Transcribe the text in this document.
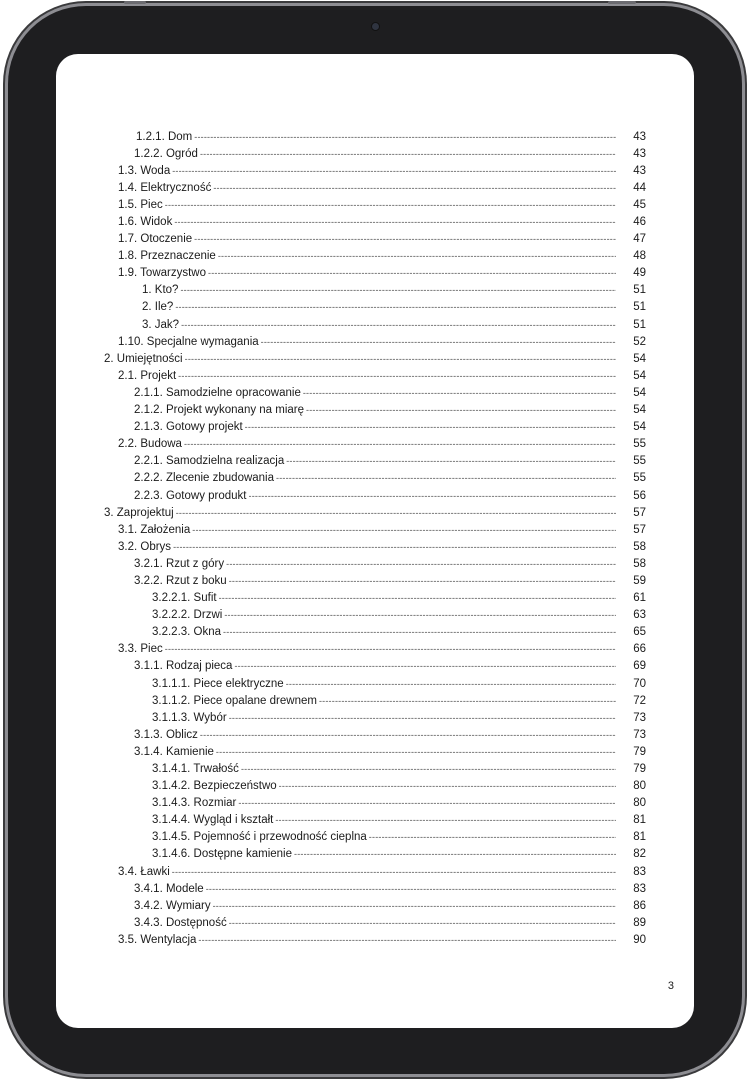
1.2.1. Dom -----	43
1.2.2. Ogród -----	43
1.3. Woda -----	43
1.4. Elektryczność -----	44
1.5. Piec -----	45
1.6. Widok -----	46
1.7. Otoczenie -----	47
1.8. Przeznaczenie -----	48
1.9. Towarzystwo -----	49
1. Kto? -----	51
2. Ile? -----	51
3. Jak? -----	51
1.10. Specjalne wymagania -----	52
2. Umiejętności -----	54
2.1. Projekt -----	54
2.1.1. Samodzielne opracowanie -----	54
2.1.2. Projekt wykonany na miarę -----	54
2.1.3. Gotowy projekt -----	54
2.2. Budowa -----	55
2.2.1. Samodzielna realizacja -----	55
2.2.2. Zlecenie zbudowania -----	55
2.2.3. Gotowy produkt -----	56
3. Zaprojektuj -----	57
3.1. Założenia -----	57
3.2. Obrys -----	58
3.2.1. Rzut z góry -----	58
3.2.2. Rzut z boku -----	59
3.2.2.1. Sufit -----	61
3.2.2.2. Drzwi -----	63
3.2.2.3. Okna -----	65
3.3. Piec -----	66
3.1.1. Rodzaj pieca -----	69
3.1.1.1. Piece elektryczne -----	70
3.1.1.2. Piece opalane drewnem -----	72
3.1.1.3. Wybór -----	73
3.1.3. Oblicz -----	73
3.1.4. Kamienie -----	79
3.1.4.1. Trwałość -----	79
3.1.4.2. Bezpieczeństwo -----	80
3.1.4.3. Rozmiar -----	80
3.1.4.4. Wygląd i kształt -----	81
3.1.4.5. Pojemność i przewodność cieplna -----	81
3.1.4.6. Dostępne kamienie -----	82
3.4. Ławki -----	83
3.4.1. Modele -----	83
3.4.2. Wymiary -----	86
3.4.3. Dostępność -----	89
3.5. Wentylacja -----	90
3
